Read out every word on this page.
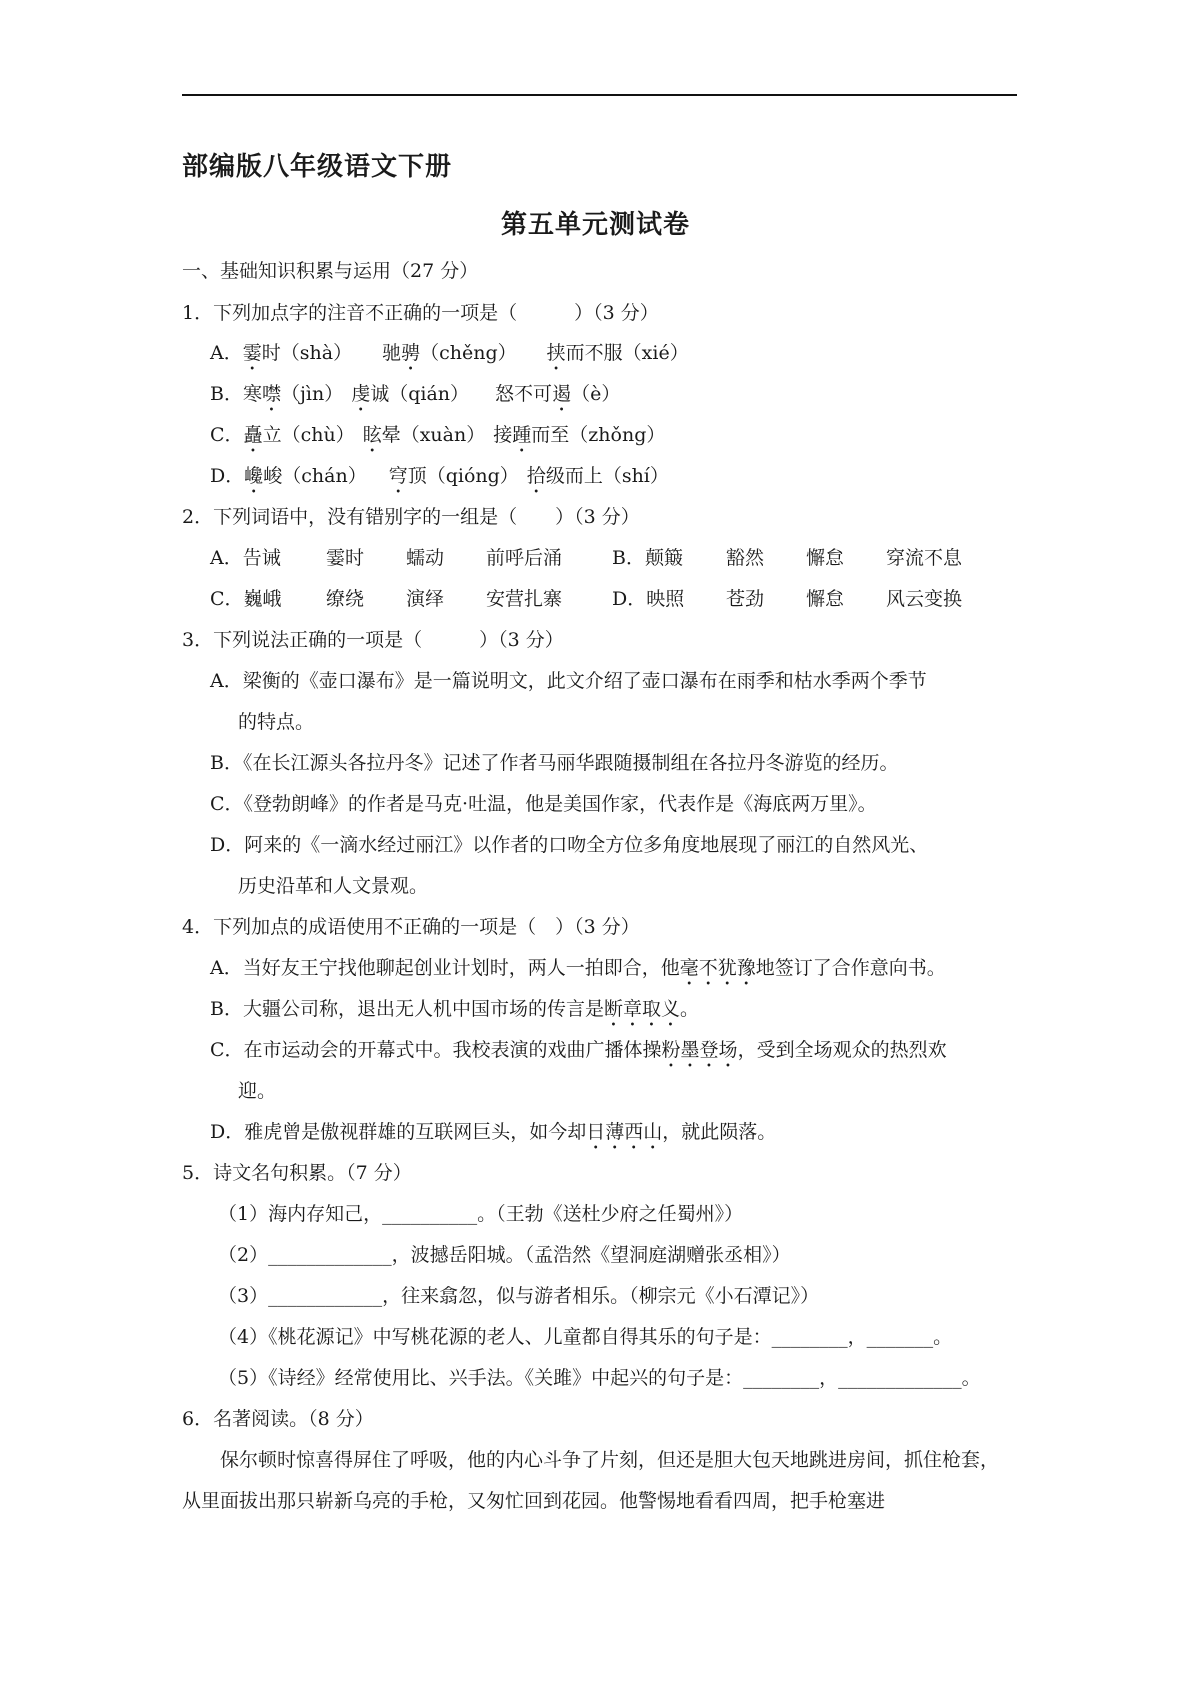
部编版八年级语文下册
第五单元测试卷
一、基础知识积累与运用（27 分）
1．下列加点字的注音不正确的一项是（　　　）（3 分）
A．霎时（shà） 驰骋（chěng） 挟而不服（xié）
B．寒噤（jìn） 虔诚（qián） 怒不可遏（è）
C．矗立（chù） 眩晕（xuàn） 接踵而至（zhǒng）
D．巉峻（chán） 穹顶（qióng） 拾级而上（shí）
2．下列词语中，没有错别字的一组是（　　）（3 分）
A．告诫 霎时 蠕动 前呼后涌	B．颠簸 豁然 懈怠 穿流不息
C．巍峨 缭绕 演绎 安营扎寨	D．映照 苍劲 懈怠 风云变换
3．下列说法正确的一项是（　　　）（3 分）
A．梁衡的《壶口瀑布》是一篇说明文，此文介绍了壶口瀑布在雨季和枯水季两个季节
的特点。
B．《在长江源头各拉丹冬》记述了作者马丽华跟随摄制组在各拉丹冬游览的经历。
C．《登勃朗峰》的作者是马克·吐温，他是美国作家，代表作是《海底两万里》。
D．阿来的《一滴水经过丽江》以作者的口吻全方位多角度地展现了丽江的自然风光、
历史沿革和人文景观。
4．下列加点的成语使用不正确的一项是（　）（3 分）
A．当好友王宁找他聊起创业计划时，两人一拍即合，他毫不犹豫地签订了合作意向书。
B．大疆公司称，退出无人机中国市场的传言是断章取义。
C．在市运动会的开幕式中。我校表演的戏曲广播体操粉墨登场，受到全场观众的热烈欢
迎。
D．雅虎曾是傲视群雄的互联网巨头，如今却日薄西山，就此陨落。
5．诗文名句积累。（7 分）
（1）海内存知己，__________。（王勃《送杜少府之任蜀州》）
（2）_____________，波撼岳阳城。（孟浩然《望洞庭湖赠张丞相》）
（3）____________，往来翕忽，似与游者相乐。（柳宗元《小石潭记》）
（4）《桃花源记》中写桃花源的老人、儿童都自得其乐的句子是：________，_______。
（5）《诗经》经常使用比、兴手法。《关雎》中起兴的句子是：________，_____________。
6．名著阅读。（8 分）
保尔顿时惊喜得屏住了呼吸，他的内心斗争了片刻，但还是胆大包天地跳进房间，抓住枪套，从里面拔出那只崭新乌亮的手枪，又匆忙回到花园。他警惕地看看四周，把手枪塞进
